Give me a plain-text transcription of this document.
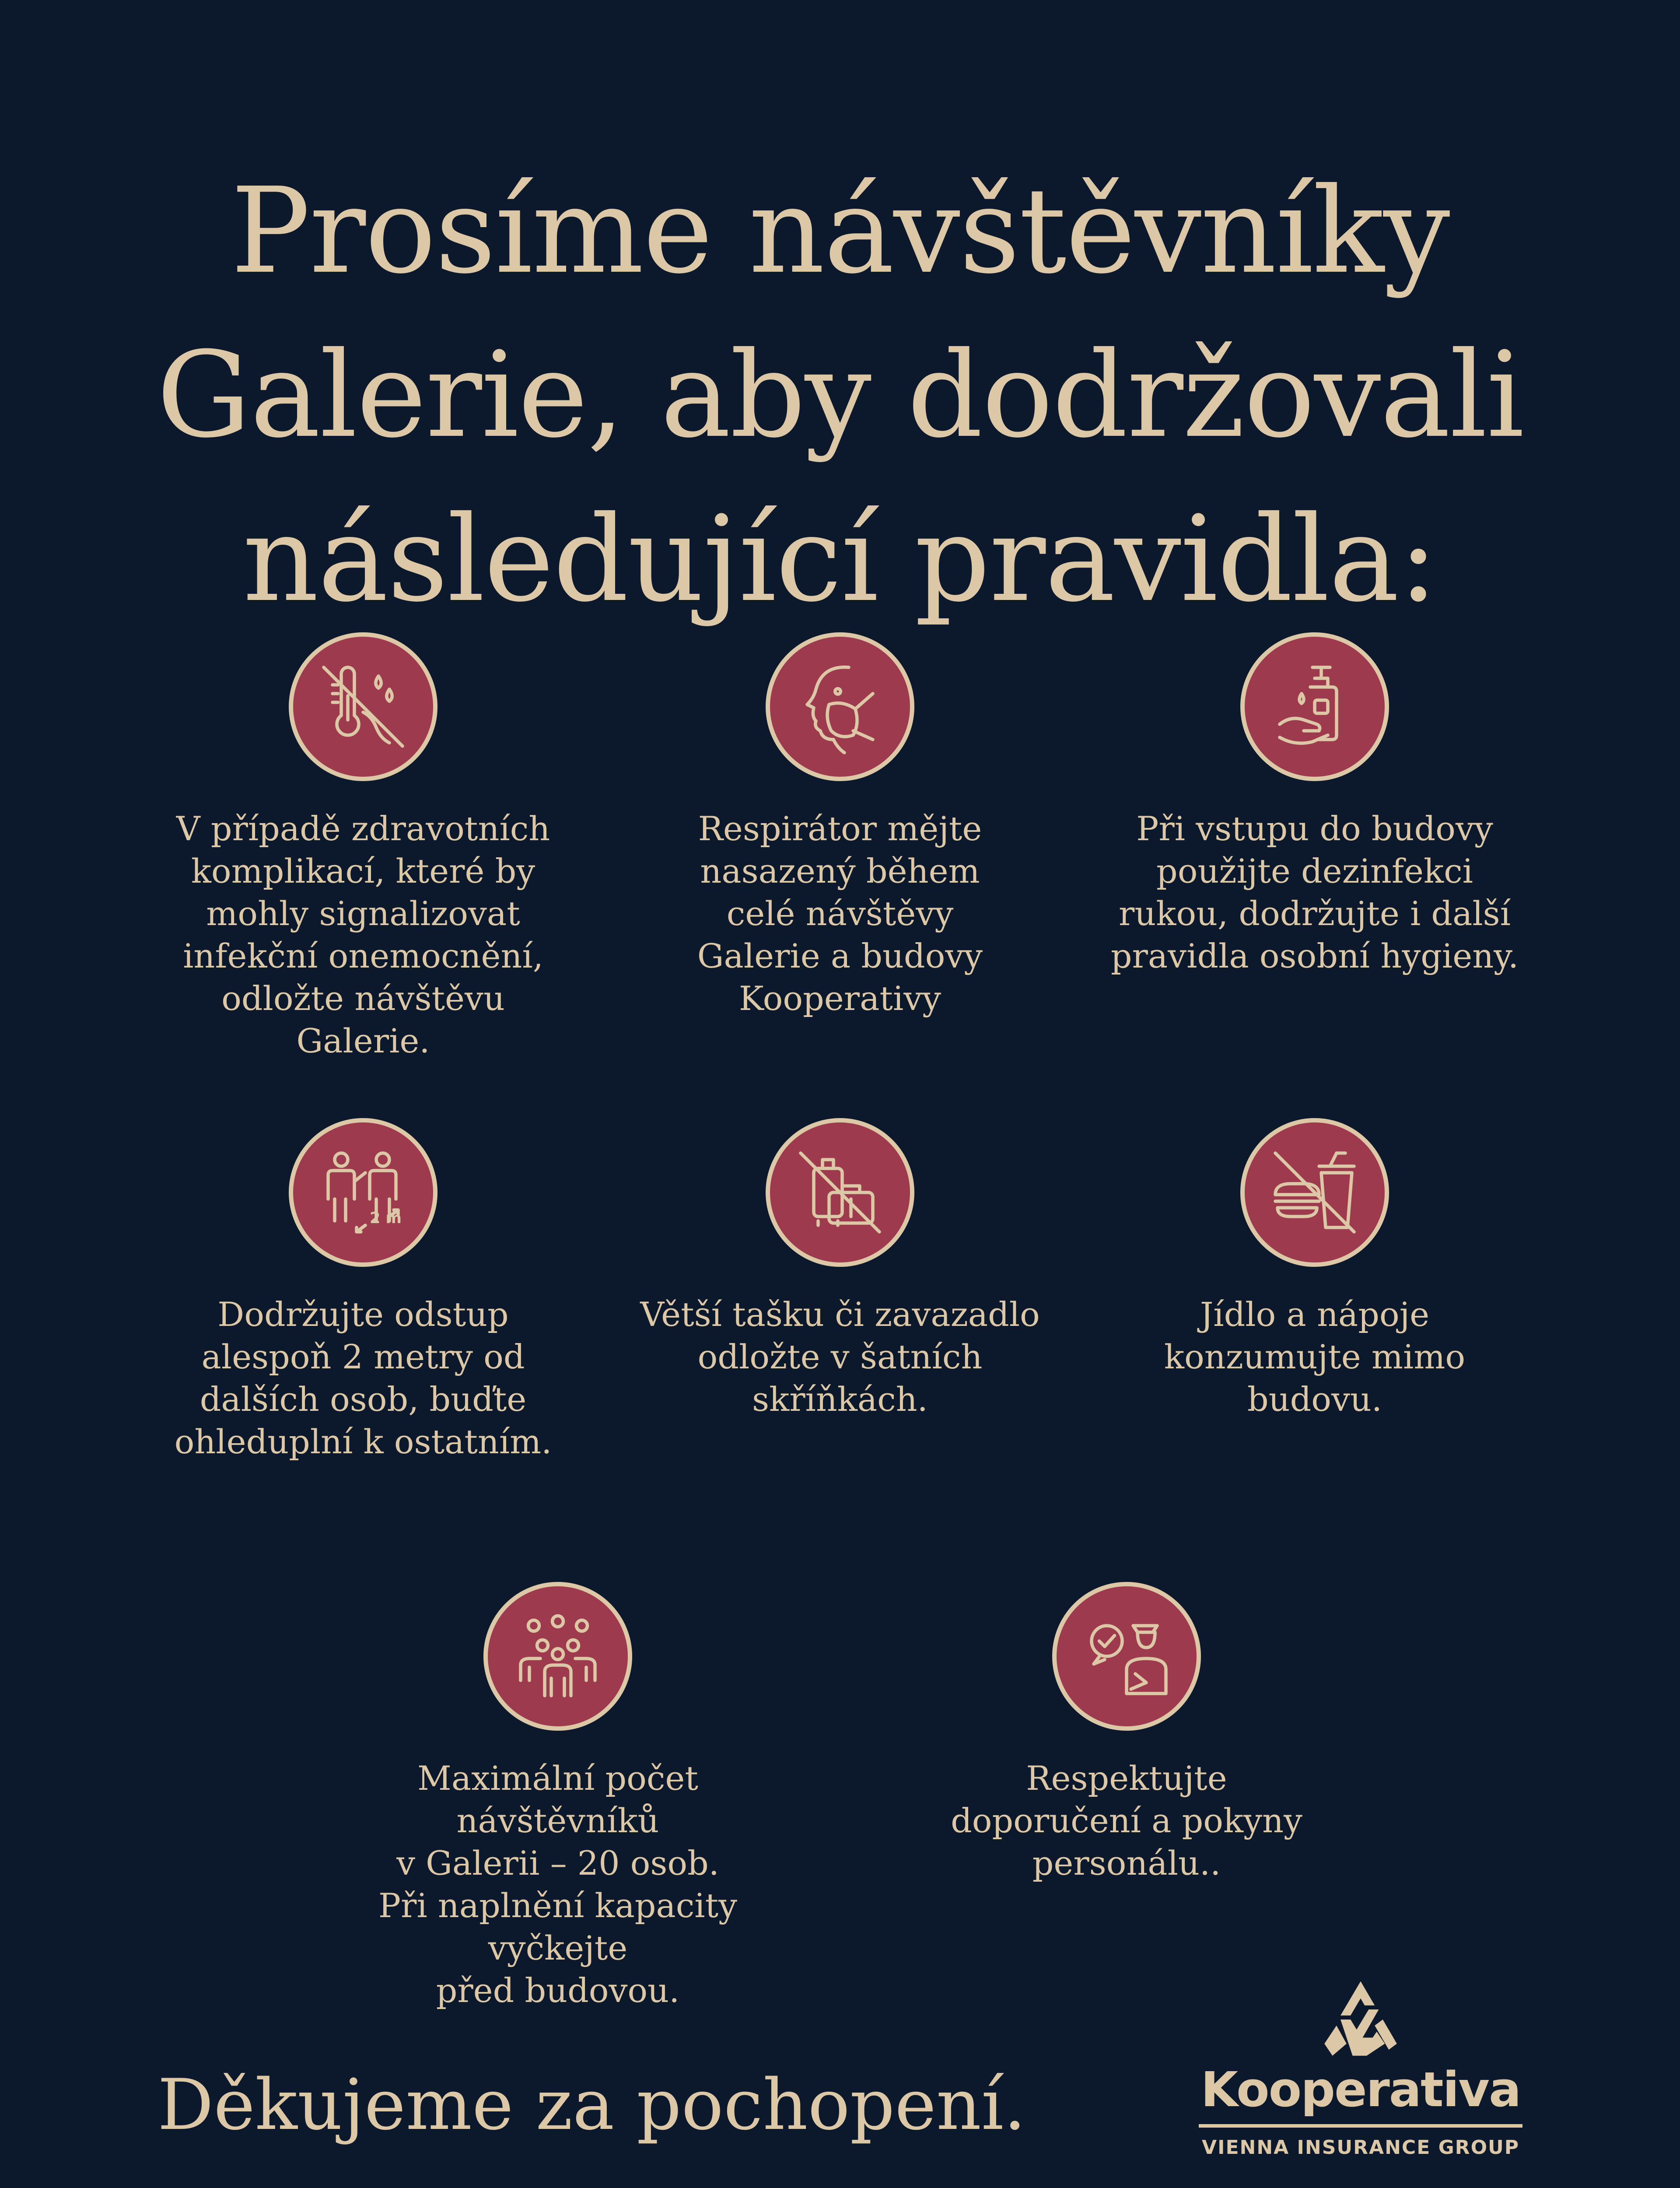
Prosíme návštěvníky
Galerie, aby dodržovali
následující pravidla:
V případě zdravotních
komplikací, které by
mohly signalizovat
infekční onemocnění,
odložte návštěvu
Galerie.
Respirátor mějte
nasazený během
celé návštěvy
Galerie a budovy
Kooperativy
Při vstupu do budovy
použijte dezinfekci
rukou, dodržujte i další
pravidla osobní hygieny.
2 m
Dodržujte odstup
alespoň 2 metry od
dalších osob, buďte
ohleduplní k ostatním.
Větší tašku či zavazadlo
odložte v šatních
skříňkách.
Jídlo a nápoje
konzumujte mimo
budovu.
Maximální počet návštěvníků
v Galerii – 20 osob.
Při naplnění kapacity vyčkejte
před budovou.
Respektujte
doporučení a pokyny
personálu..

Děkujeme za pochopení.	Kooperativa
VIENNA INSURANCE GROUP
